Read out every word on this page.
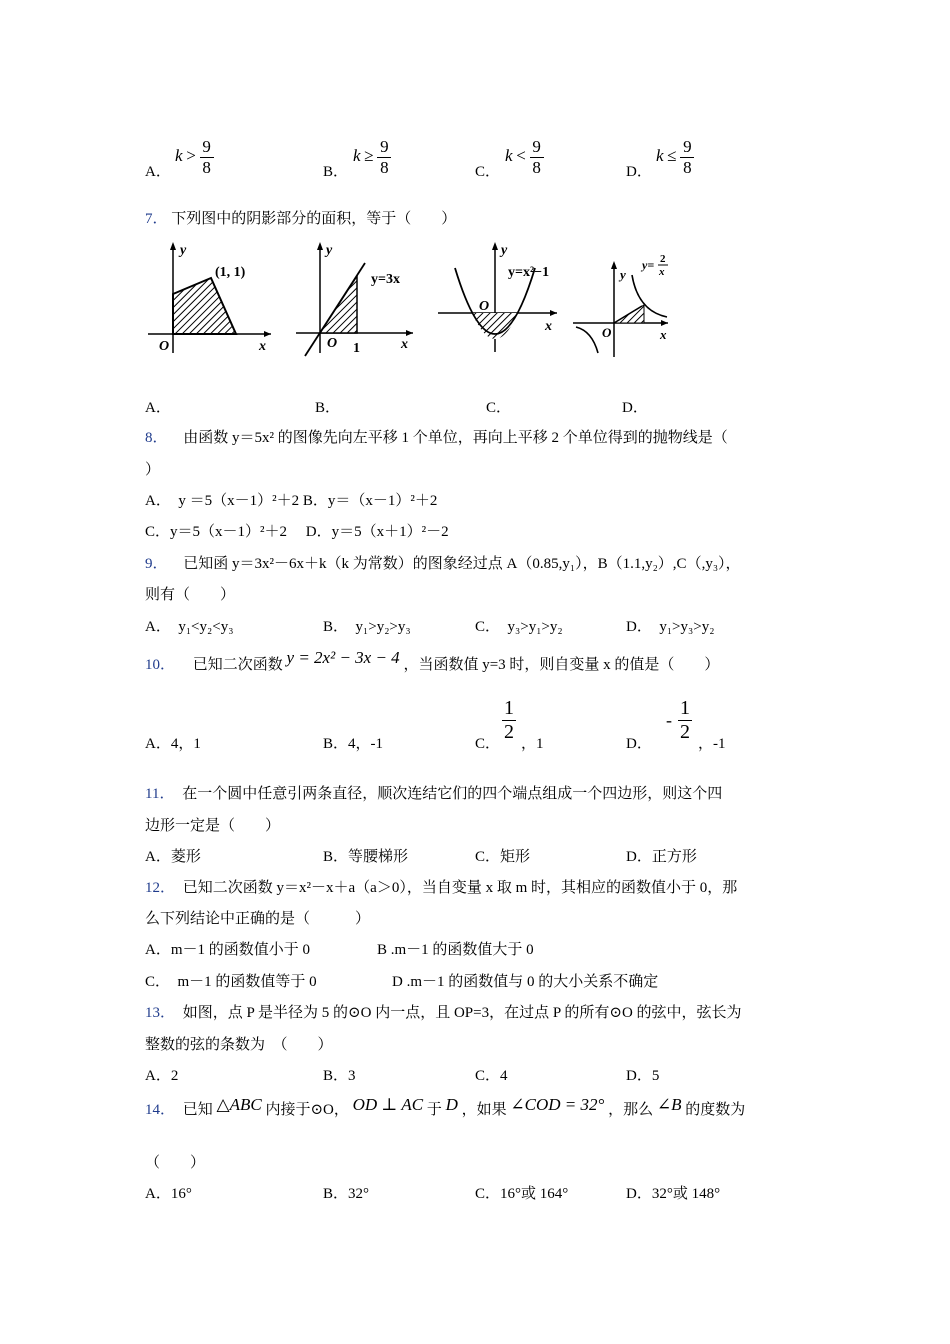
A．
$k > \frac{9}{8}$	B．
$k \ge \frac{9}{8}$	C．
$k < \frac{9}{8}$	D．
$k \le \frac{9}{8}$
7． 下列图中的阴影部分的面积，等于（　　）
y
x
O
(1, 1)
y
x
O 1
y=3x
y
x
O
y=x²−1	y
x
O
y= 2
x
A．	B．	C．	D．
8． 由函数 y＝5x² 的图像先向左平移 1 个单位，再向上平移 2 个单位得到的抛物线是（
）
A．　y ＝5（x－1）²＋2 B．y＝（x－1）²＋2
C．y＝5（x－1）²＋2　 D．y＝5（x＋1）²－2
9． 已知函 y＝3x²－6x＋k（k 为常数）的图象经过点 A（0.85,y₁），B（1.1,y₂）,C（,y₃），
则有（　　）
A．　y₁<y₂<y₃	B．　y₁>y₂>y₃	C．　y₃>y₁>y₂	D．　y₁>y₃>y₂
10． 已知二次函数 y = 2x² − 3x − 4 ，当函数值 y=3 时，则自变量 x 的值是（　　）
A．4，1	B．4，-1	C．
1
2
，1	D．
-
1
2
，-1
11． 在一个圆中任意引两条直径，顺次连结它们的四个端点组成一个四边形，则这个四
边形一定是（　　）
A．菱形	B．等腰梯形	C．矩形	D．正方形
12． 已知二次函数 y＝x²－x＋a（a＞0），当自变量 x 取 m 时，其相应的函数值小于 0，那
么下列结论中正确的是（　　　）
A．m－1 的函数值小于 0	B .m－1 的函数值大于 0
C．　m－1 的函数值等于 0	D .m－1 的函数值与 0 的大小关系不确定
13． 如图，点 P 是半径为 5 的⊙O 内一点，且 OP=3，在过点 P 的所有⊙O 的弦中，弦长为
整数的弦的条数为　（　　）
A．2	B．3	C．4	D．5
14． 已知 △ABC 内接于⊙O， OD ⊥ AC 于 D ，如果 ∠COD = 32° ，那么 ∠B 的度数为
（　　）
A．16°	B．32°	C．16°或 164°	D．32°或 148°
